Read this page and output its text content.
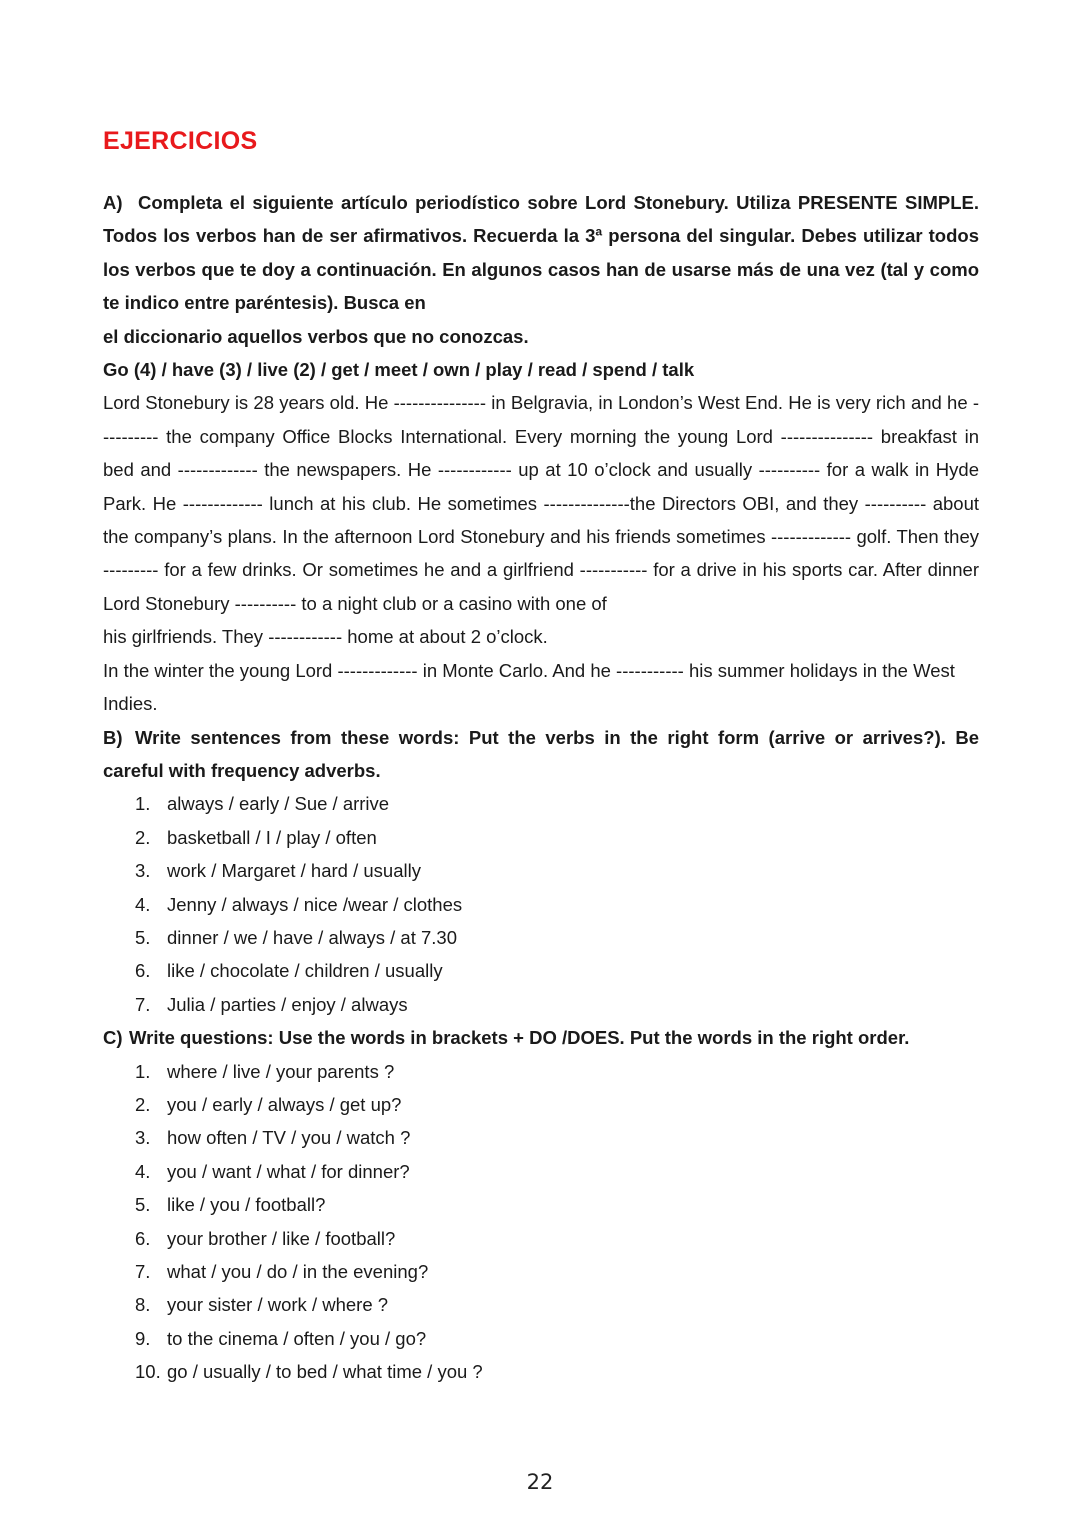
EJERCICIOS

A) Completa el siguiente artículo periodístico sobre Lord Stonebury. Utiliza PRESENTE SIMPLE. Todos los verbos han de ser afirmativos. Recuerda la 3ª persona del singular. Debes utilizar todos los verbos que te doy a continuación. En algunos casos han de usarse más de una vez (tal y como te indico entre paréntesis). Busca en

el diccionario aquellos verbos que no conozcas.

Go (4) / have (3) / live (2) / get / meet / own / play / read / spend / talk

Lord Stonebury is 28 years old. He --------------- in Belgravia, in London’s West End. He is very rich and he ---------- the company Office Blocks International. Every morning the young Lord --------------- breakfast in bed and ------------- the newspapers. He ------------ up at 10 o’clock and usually ---------- for a walk in Hyde Park. He ------------- lunch at his club. He sometimes --------------the Directors OBI, and they ---------- about the company’s plans. In the afternoon Lord Stonebury and his friends sometimes ------------- golf. Then they --------- for a few drinks. Or sometimes he and a girlfriend ----------- for a drive in his sports car. After dinner Lord Stonebury ---------- to a night club or a casino with one of

his girlfriends. They ------------ home at about 2 o’clock.

In the winter the young Lord ------------- in Monte Carlo. And he ----------- his summer holidays in the West Indies.

B) Write sentences from these words: Put the verbs in the right form (arrive or arrives?). Be careful with frequency adverbs.

1. always / early / Sue / arrive
2. basketball / I / play / often
3. work / Margaret / hard / usually
4. Jenny / always / nice /wear / clothes
5. dinner / we / have / always / at 7.30
6. like / chocolate / children / usually
7. Julia / parties / enjoy / always

C) Write questions: Use the words in brackets + DO /DOES. Put the words in the right order.

1. where / live / your parents ?
2. you / early / always / get up?
3. how often / TV / you / watch ?
4. you / want / what / for dinner?
5. like / you / football?
6. your brother / like / football?
7. what / you / do / in the evening?
8. your sister / work / where ?
9. to the cinema / often / you / go?
10. go / usually / to bed / what time / you ?
22
